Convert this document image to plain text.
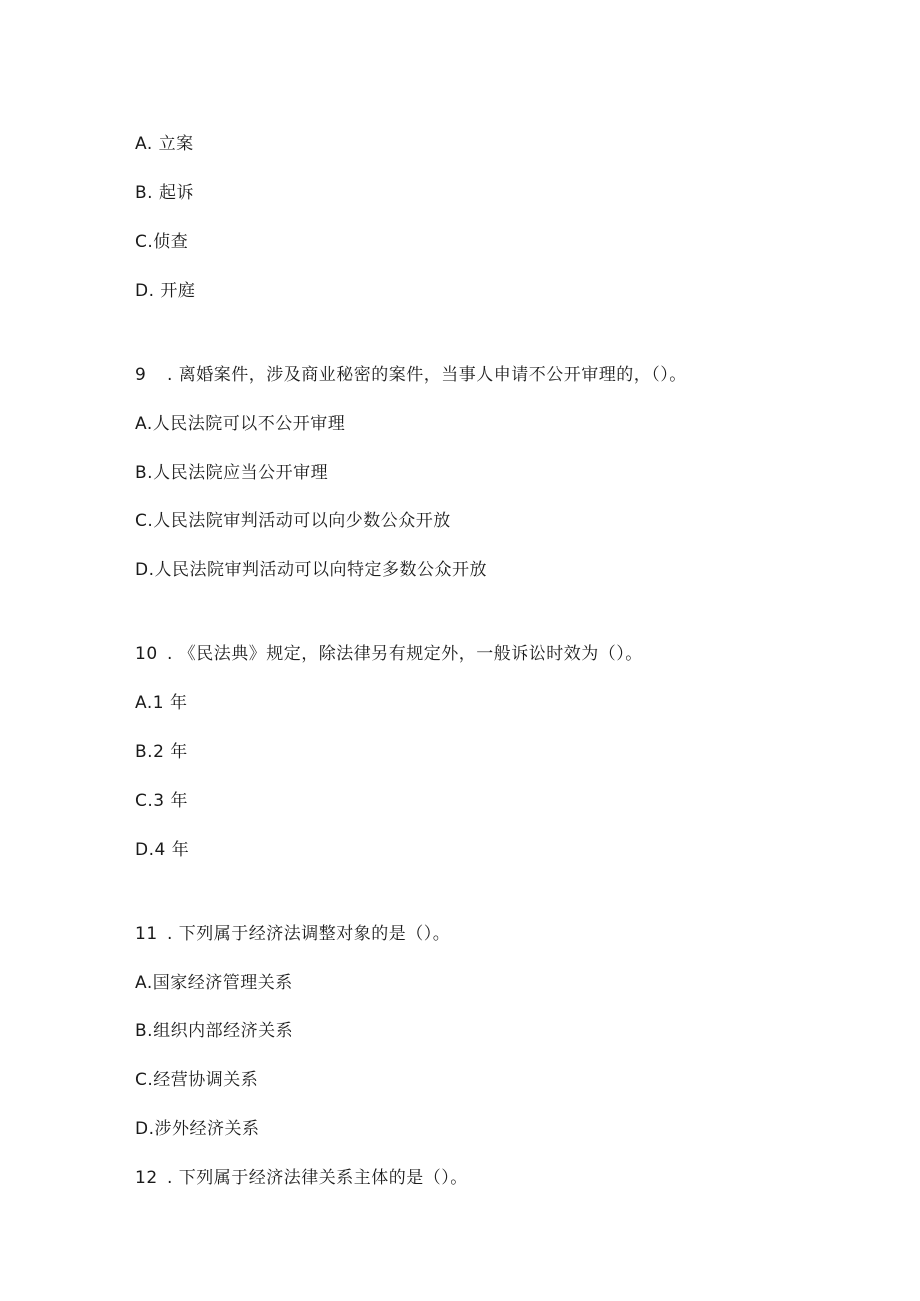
A. 立案
B. 起诉
C.侦查
D. 开庭
9 . 离婚案件，涉及商业秘密的案件，当事人申请不公开审理的，（）。
A.人民法院可以不公开审理
B.人民法院应当公开审理
C.人民法院审判活动可以向少数公众开放
D.人民法院审判活动可以向特定多数公众开放
10 . 《民法典》规定，除法律另有规定外，一般诉讼时效为（）。
A.1 年
B.2 年
C.3 年
D.4 年
11 . 下列属于经济法调整对象的是（）。
A.国家经济管理关系
B.组织内部经济关系
C.经营协调关系
D.涉外经济关系
12 . 下列属于经济法律关系主体的是（）。
